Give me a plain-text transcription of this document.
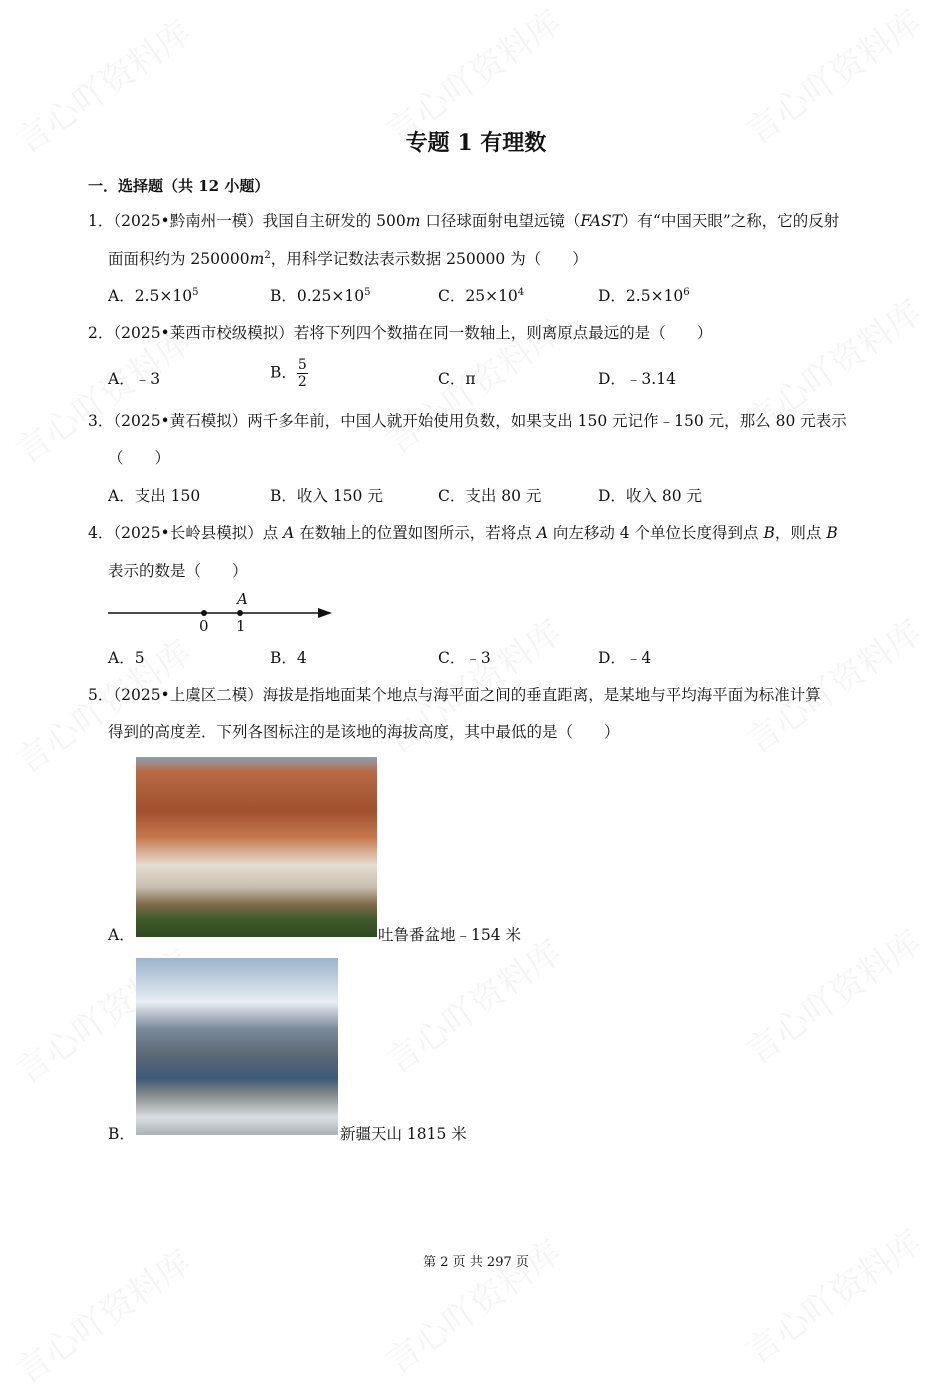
专题 1 有理数
一．选择题（共 12 小题）
1．（2025•黔南州一模）我国自主研发的 500m 口径球面射电望远镜（FAST）有“中国天眼”之称，它的反射
面面积约为 $250000m^2$，用科学记数法表示数据 250000 为（　　）
A．$2.5\times 10^5$	B．$0.25\times 10^5$	C．$25\times 10^4$	D．$2.5\times 10^6$
2．（2025•莱西市校级模拟）若将下列四个数描在同一数轴上，则离原点最远的是（　　）
A．﹣3	B． $\frac{5}{2}$	C．π	D．﹣3.14
3．（2025•黄石模拟）两千多年前，中国人就开始使用负数，如果支出 150 元记作﹣150 元，那么 80 元表示
（　　）
A．支出 150	B．收入 150 元	C．支出 80 元	D．收入 80 元
4．（2025•长岭县模拟）点 A 在数轴上的位置如图所示，若将点 A 向左移动 4 个单位长度得到点 B，则点 B
表示的数是（　　）
0 1
A
A．5	B．4	C．﹣3	D．﹣4
5．（2025•上虞区二模）海拔是指地面某个地点与海平面之间的垂直距离，是某地与平均海平面为标准计算
得到的高度差．下列各图标注的是该地的海拔高度，其中最低的是（　　）
A．	吐鲁番盆地﹣154 米
B．	新疆天山 1815 米
第 2 页 共 297 页
